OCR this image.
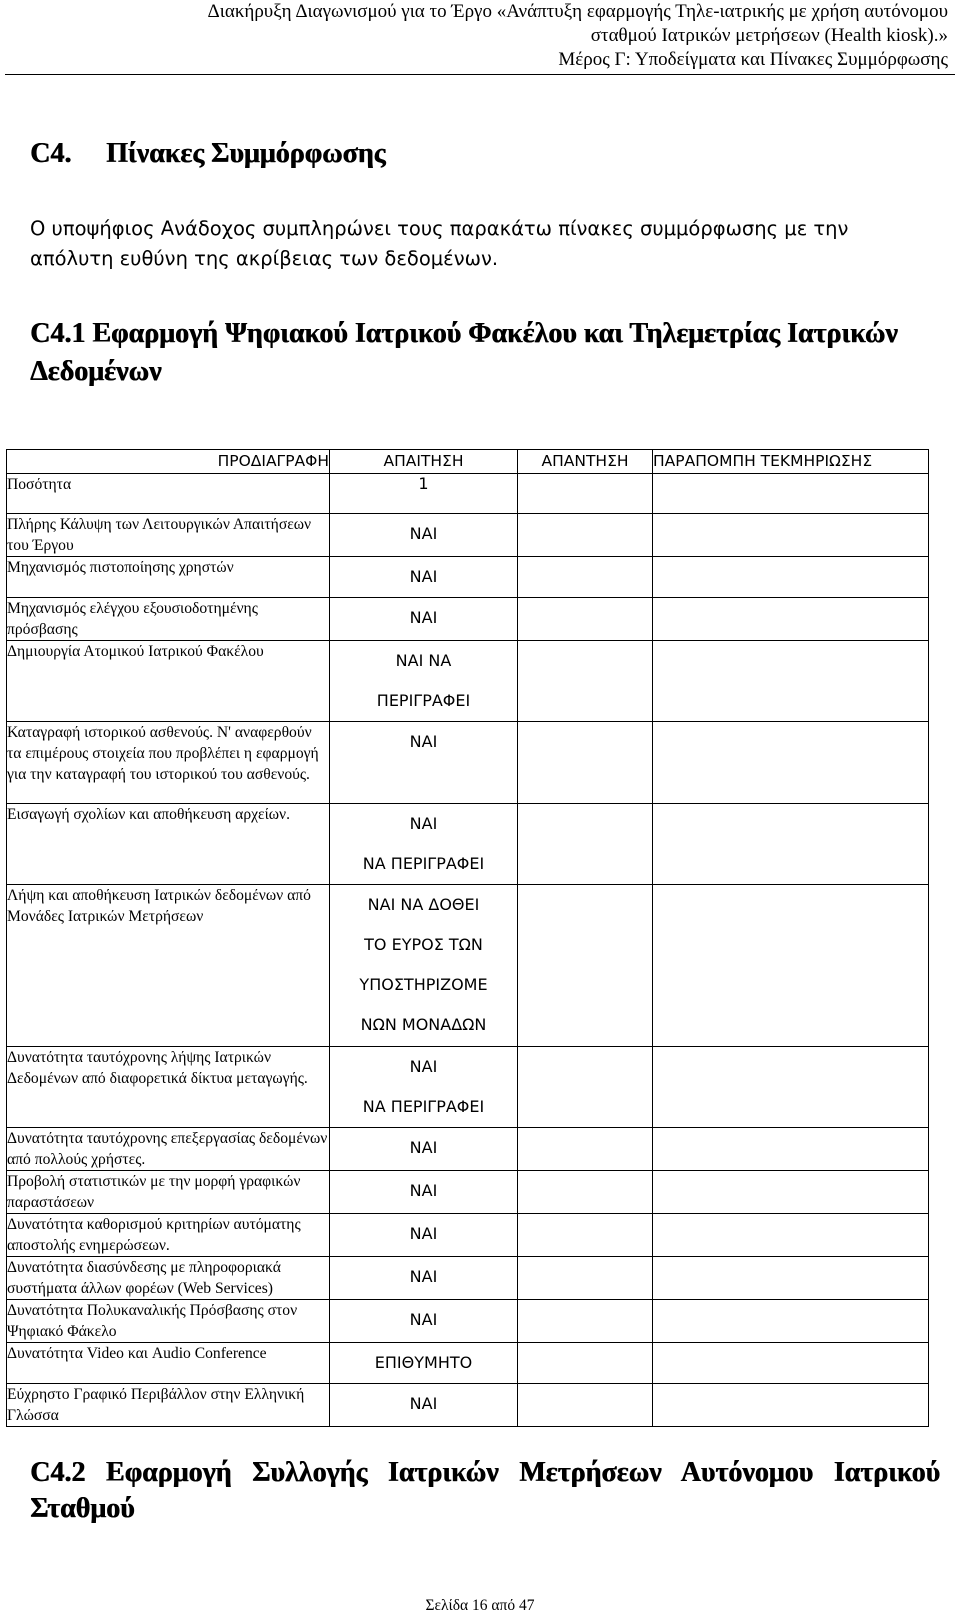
Διακήρυξη Διαγωνισμού για το Έργο «Ανάπτυξη εφαρμογής Τηλε-ιατρικής με χρήση αυτόνομου
σταθμού Ιατρικών μετρήσεων (Health kiosk).»
Μέρος Γ: Υποδείγματα και Πίνακες Συμμόρφωσης
C4. Πίνακες Συμμόρφωσης
Ο υποψήφιος Ανάδοχος συμπληρώνει τους παρακάτω πίνακες συμμόρφωσης με την απόλυτη ευθύνη της ακρίβειας των δεδομένων.
C4.1 Εφαρμογή Ψηφιακού Ιατρικού Φακέλου και Τηλεμετρίας Ιατρικών Δεδομένων
ΠΡΟΔΙΑΓΡΑΦΗ	ΑΠΑΙΤΗΣΗ	ΑΠΑΝΤΗΣΗ	ΠΑΡΑΠΟΜΠΗ ΤΕΚΜΗΡΙΩΣΗΣ
Ποσότητα	1		

Πλήρης Κάλυψη των Λειτουργικών Απαιτήσεων του Έργου	ΝΑΙ		

Μηχανισμός πιστοποίησης χρηστών	ΝΑΙ		

Μηχανισμός ελέγχου εξουσιοδοτημένης πρόσβασης	ΝΑΙ		

Δημιουργία Ατομικού Ιατρικού Φακέλου	ΝΑΙ ΝΑ
ΠΕΡΙΓΡΑΦΕΙ		

Καταγραφή ιστορικού ασθενούς. Ν' αναφερθούν τα επιμέρους στοιχεία που προβλέπει η εφαρμογή για την καταγραφή του ιστορικού του ασθενούς.	ΝΑΙ		

Εισαγωγή σχολίων και αποθήκευση αρχείων.	ΝΑΙ
ΝΑ ΠΕΡΙΓΡΑΦΕΙ		

Λήψη και αποθήκευση Ιατρικών δεδομένων από Μονάδες Ιατρικών Μετρήσεων	ΝΑΙ ΝΑ ΔΟΘΕΙ
ΤΟ ΕΥΡΟΣ ΤΩΝ
ΥΠΟΣΤΗΡΙΖΟΜΕ
ΝΩΝ ΜΟΝΑΔΩΝ		

Δυνατότητα ταυτόχρονης λήψης Ιατρικών Δεδομένων από διαφορετικά δίκτυα μεταγωγής.	ΝΑΙ
ΝΑ ΠΕΡΙΓΡΑΦΕΙ		

Δυνατότητα ταυτόχρονης επεξεργασίας δεδομένων από πολλούς χρήστες.	ΝΑΙ		

Προβολή στατιστικών με την μορφή γραφικών παραστάσεων	ΝΑΙ		

Δυνατότητα καθορισμού κριτηρίων αυτόματης αποστολής ενημερώσεων.	ΝΑΙ		

Δυνατότητα διασύνδεσης με πληροφοριακά συστήματα άλλων φορέων (Web Services)	ΝΑΙ		

Δυνατότητα Πολυκαναλικής Πρόσβασης στον Ψηφιακό Φάκελο	ΝΑΙ		

Δυνατότητα Video και Audio Conference	ΕΠΙΘΥΜΗΤΟ		

Εύχρηστο Γραφικό Περιβάλλον στην Ελληνική Γλώσσα	ΝΑΙ		

C4.2 Εφαρμογή Συλλογής Ιατρικών Μετρήσεων Αυτόνομου Ιατρικού Σταθμού
Σελίδα 16 από 47
